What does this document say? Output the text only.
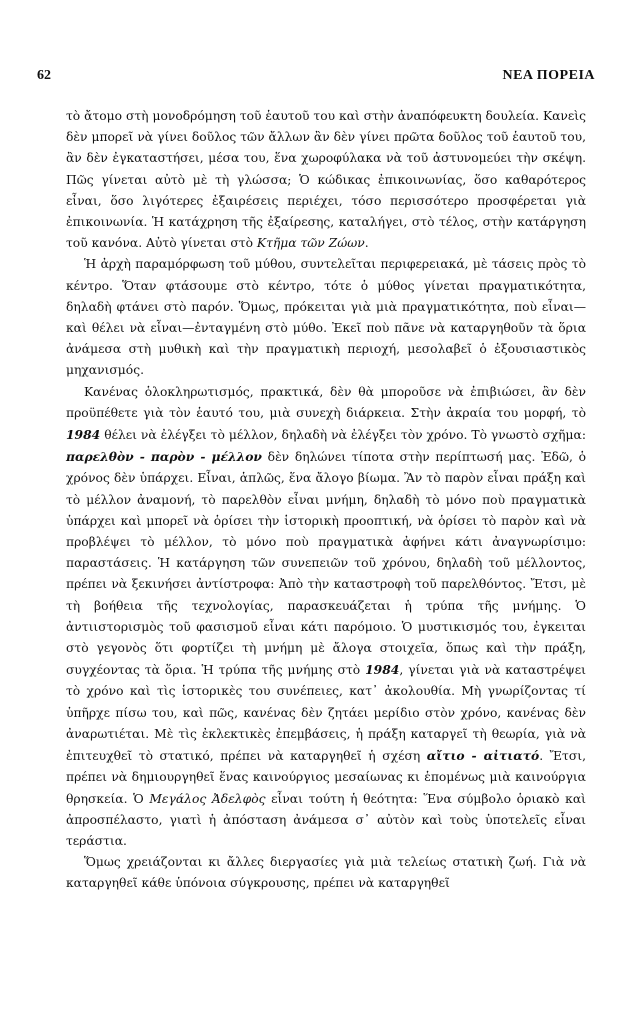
62	ΝΕΑ ΠΟΡΕΙΑ

τὸ ἄτομο στὴ μονοδρόμηση τοῦ ἑαυτοῦ του καὶ στὴν ἀναπόφευκτη δουλεία. Κανεὶς δὲν μπορεῖ νὰ γίνει δοῦλος τῶν ἄλλων ἂν δὲν γίνει πρῶτα δοῦλος τοῦ ἑαυτοῦ του, ἂν δὲν ἐγκαταστήσει, μέσα του, ἕνα χωροφύλακα νὰ τοῦ ἀστυνομεύει τὴν σκέψη. Πῶς γίνεται αὐτὸ μὲ τὴ γλώσσα; Ὁ κώδικας ἐπικοινωνίας, ὅσο καθαρότερος εἶναι, ὅσο λιγότερες ἐξαιρέσεις περιέχει, τόσο περισσότερο προσφέρεται γιὰ ἐπικοινωνία. Ἡ κατάχρηση τῆς ἐξαίρεσης, καταλήγει, στὸ τέλος, στὴν κατάργηση τοῦ κανόνα. Αὐτὸ γίνεται στὸ Κτῆμα τῶν Ζώων.

Ἡ ἀρχὴ παραμόρφωση τοῦ μύθου, συντελεῖται περιφερειακά, μὲ τάσεις πρὸς τὸ κέντρο. Ὅταν φτάσουμε στὸ κέντρο, τότε ὁ μύθος γίνεται πραγματικότητα, δηλαδὴ φτάνει στὸ παρόν. Ὅμως, πρόκειται γιὰ μιὰ πραγματικότητα, ποὺ εἶναι—καὶ θέλει νὰ εἶναι—ἐνταγμένη στὸ μύθο. Ἐκεῖ ποὺ πᾶνε νὰ καταργηθοῦν τὰ ὅρια ἀνάμεσα στὴ μυθικὴ καὶ τὴν πραγματικὴ περιοχή, μεσολαβεῖ ὁ ἐξουσιαστικὸς μηχανισμός.

Κανένας ὁλοκληρωτισμός, πρακτικά, δὲν θὰ μποροῦσε νὰ ἐπιβιώσει, ἂν δὲν προϋπέθετε γιὰ τὸν ἑαυτό του, μιὰ συνεχὴ διάρκεια. Στὴν ἀκραία του μορφή, τὸ 1984 θέλει νὰ ἐλέγξει τὸ μέλλον, δηλαδὴ νὰ ἐλέγξει τὸν χρόνο. Τὸ γνωστὸ σχῆμα: παρελθὸν - παρὸν - μέλλον δὲν δηλώνει τίποτα στὴν περίπτωσή μας. Ἐδῶ, ὁ χρόνος δὲν ὑπάρχει. Εἶναι, ἁπλῶς, ἕνα ἄλογο βίωμα. Ἂν τὸ παρὸν εἶναι πράξη καὶ τὸ μέλλον ἀναμονή, τὸ παρελθὸν εἶναι μνήμη, δηλαδὴ τὸ μόνο ποὺ πραγματικὰ ὑπάρχει καὶ μπορεῖ νὰ ὁρίσει τὴν ἱστορικὴ προοπτική, νὰ ὁρίσει τὸ παρὸν καὶ νὰ προβλέψει τὸ μέλλον, τὸ μόνο ποὺ πραγματικὰ ἀφήνει κάτι ἀναγνωρίσιμο: παραστάσεις. Ἡ κατάργηση τῶν συνεπειῶν τοῦ χρόνου, δηλαδὴ τοῦ μέλλοντος, πρέπει νὰ ξεκινήσει ἀντίστροφα: Ἀπὸ τὴν καταστροφὴ τοῦ παρελθόντος. Ἔτσι, μὲ τὴ βοήθεια τῆς τεχνολογίας, παρασκευάζεται ἡ τρύπα τῆς μνήμης. Ὁ ἀντιιστορισμὸς τοῦ φασισμοῦ εἶναι κάτι παρόμοιο. Ὁ μυστικισμός του, ἐγκειται στὸ γεγονὸς ὅτι φορτίζει τὴ μνήμη μὲ ἄλογα στοιχεῖα, ὅπως καὶ τὴν πράξη, συγχέοντας τὰ ὅρια. Ἡ τρύπα τῆς μνήμης στὸ 1984, γίνεται γιὰ νὰ καταστρέψει τὸ χρόνο καὶ τὶς ἱστορικὲς του συνέπειες, κατ᾽ ἀκολουθία. Μὴ γνωρίζοντας τί ὑπῆρχε πίσω του, καὶ πῶς, κανένας δὲν ζητάει μερίδιο στὸν χρόνο, κανένας δὲν ἀναρωτιέται. Μὲ τὶς ἐκλεκτικὲς ἐπεμβάσεις, ἡ πράξη καταργεῖ τὴ θεωρία, γιὰ νὰ ἐπιτευχθεῖ τὸ στατικό, πρέπει νὰ καταργηθεῖ ἡ σχέση αἴτιο - αἰτιατό. Ἔτσι, πρέπει νὰ δημιουργηθεῖ ἕνας καινούργιος μεσαίωνας κι ἑπομένως μιὰ καινούργια θρησκεία. Ὁ Μεγάλος Ἀδελφὸς εἶναι τούτη ἡ θεότητα: Ἕνα σύμβολο ὁριακὸ καὶ ἀπροσπέλαστο, γιατὶ ἡ ἀπόσταση ἀνάμεσα σ᾽ αὐτὸν καὶ τοὺς ὑποτελεῖς εἶναι τεράστια.

Ὅμως χρειάζονται κι ἄλλες διεργασίες γιὰ μιὰ τελείως στατικὴ ζωή. Γιὰ νὰ καταργηθεῖ κάθε ὑπόνοια σύγκρουσης, πρέπει νὰ καταργηθεῖ
